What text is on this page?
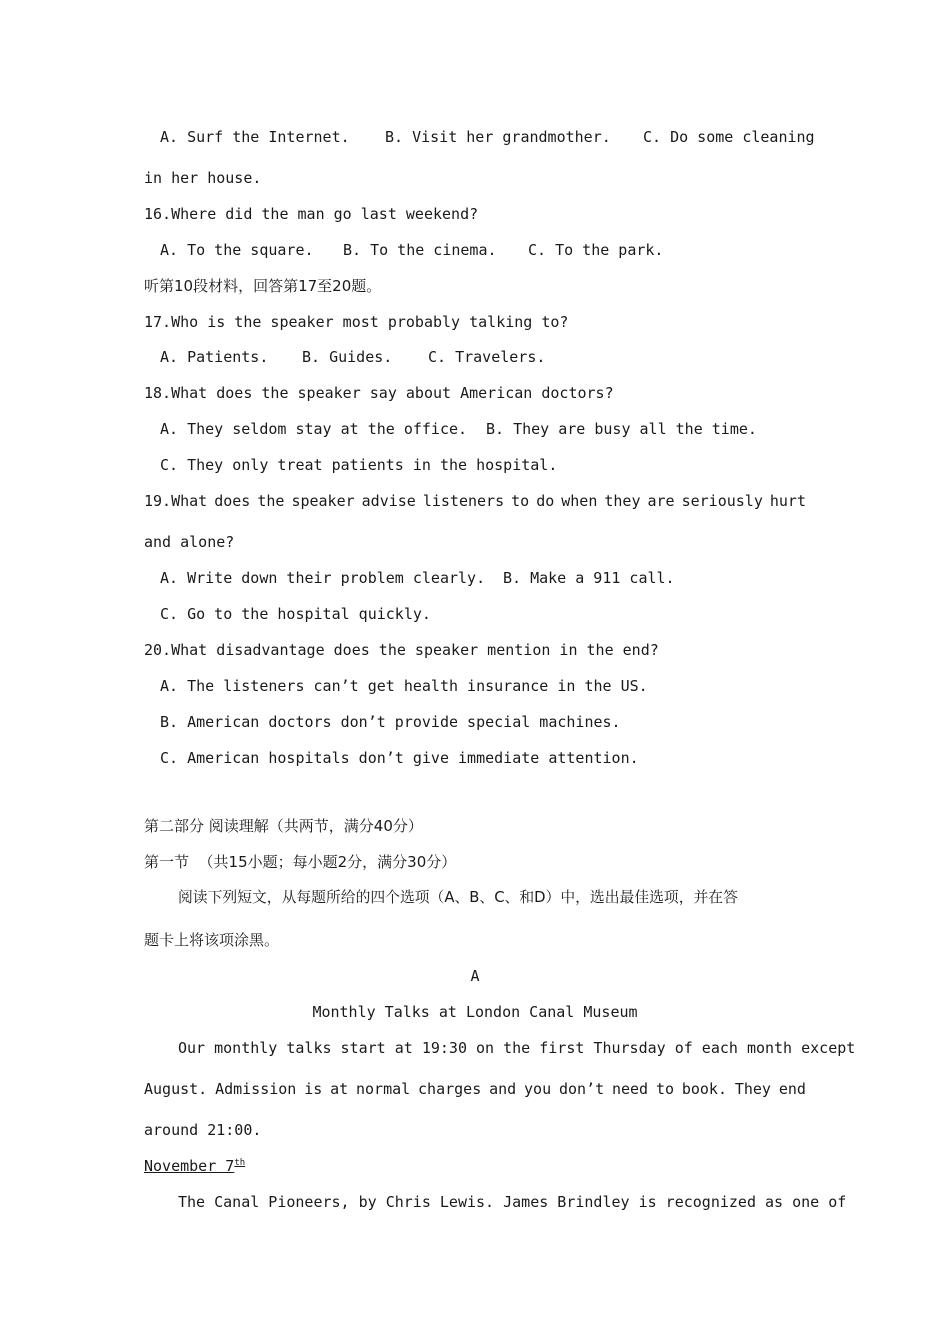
A. Surf the Internet. B. Visit her grandmother. C. Do some cleaning
in her house.
16.Where did the man go last weekend?
A. To the square. B. To the cinema. C. To the park.
听第10段材料，回答第17至20题。
17.Who is the speaker most probably talking to?
A. Patients. B. Guides. C. Travelers.
18.What does the speaker say about American doctors?
A. They seldom stay at the office. B. They are busy all the time.
C. They only treat patients in the hospital.
19.What does the speaker advise listeners to do when they are seriously hurt
and alone?
A. Write down their problem clearly. B. Make a 911 call.
C. Go to the hospital quickly.
20.What disadvantage does the speaker mention in the end?
A. The listeners can’t get health insurance in the US.
B. American doctors don’t provide special machines.
C. American hospitals don’t give immediate attention.
第二部分 阅读理解（共两节，满分40分）
第一节  （共15小题；每小题2分，满分30分）
阅读下列短文，从每题所给的四个选项（A、B、C、和D）中，选出最佳选项，并在答
题卡上将该项涂黑。
A
Monthly Talks at London Canal Museum
Our monthly talks start at 19:30 on the first Thursday of each month except
August. Admission is at normal charges and you don’t need to book. They end
around 21:00.
November 7th
The Canal Pioneers, by Chris Lewis. James Brindley is recognized as one of
